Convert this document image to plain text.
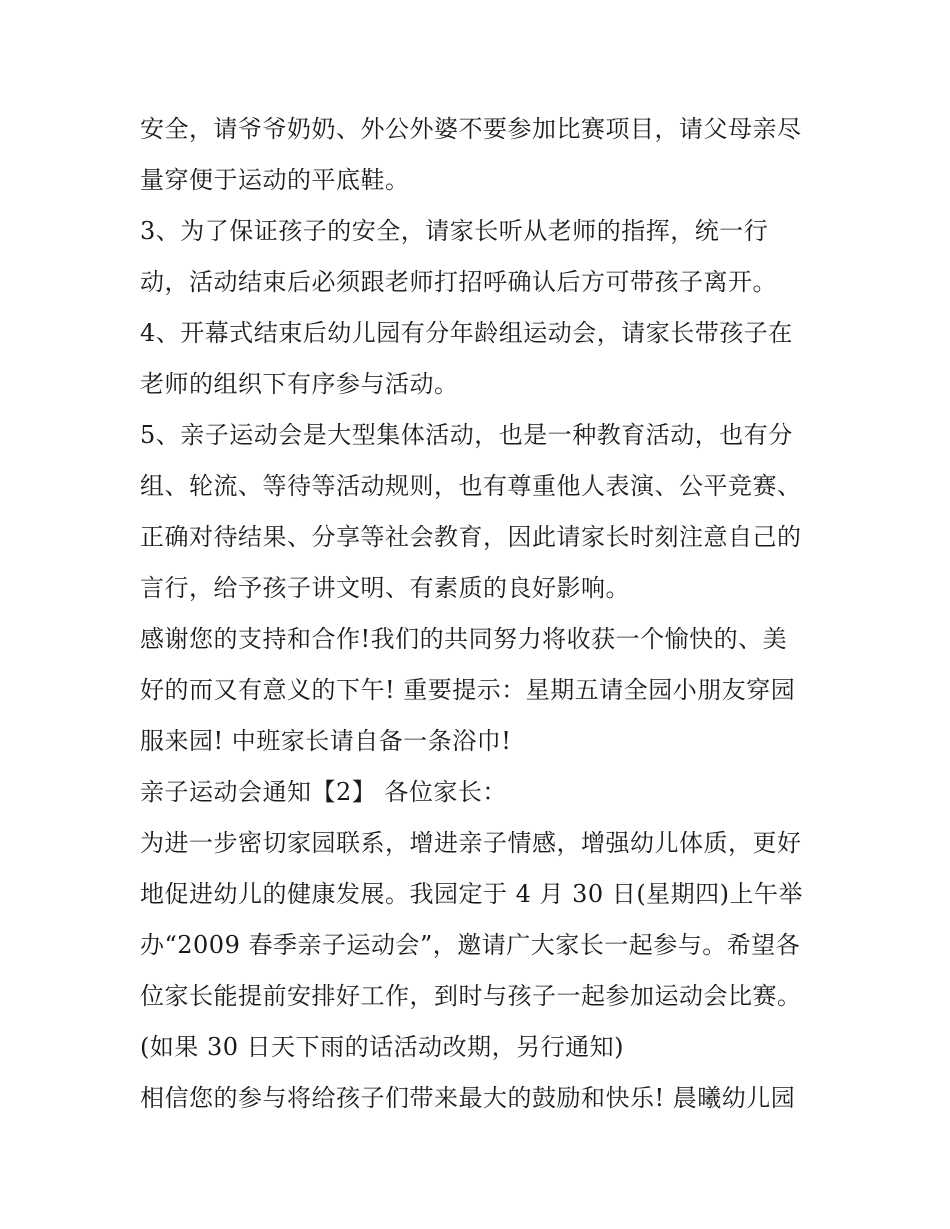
安全，请爷爷奶奶、外公外婆不要参加比赛项目，请父母亲尽
量穿便于运动的平底鞋。
3、为了保证孩子的安全，请家长听从老师的指挥，统一行
动，活动结束后必须跟老师打招呼确认后方可带孩子离开。
4、开幕式结束后幼儿园有分年龄组运动会，请家长带孩子在
老师的组织下有序参与活动。
5、亲子运动会是大型集体活动，也是一种教育活动，也有分
组、轮流、等待等活动规则，也有尊重他人表演、公平竞赛、
正确对待结果、分享等社会教育，因此请家长时刻注意自己的
言行，给予孩子讲文明、有素质的良好影响。
感谢您的支持和合作!我们的共同努力将收获一个愉快的、美
好的而又有意义的下午! 重要提示：星期五请全园小朋友穿园
服来园! 中班家长请自备一条浴巾!
亲子运动会通知【2】 各位家长：
为进一步密切家园联系，增进亲子情感，增强幼儿体质，更好
地促进幼儿的健康发展。我园定于 4 月 30 日(星期四)上午举
办“2009 春季亲子运动会”，邀请广大家长一起参与。希望各
位家长能提前安排好工作，到时与孩子一起参加运动会比赛。
(如果 30 日天下雨的话活动改期，另行通知)
相信您的参与将给孩子们带来最大的鼓励和快乐! 晨曦幼儿园
